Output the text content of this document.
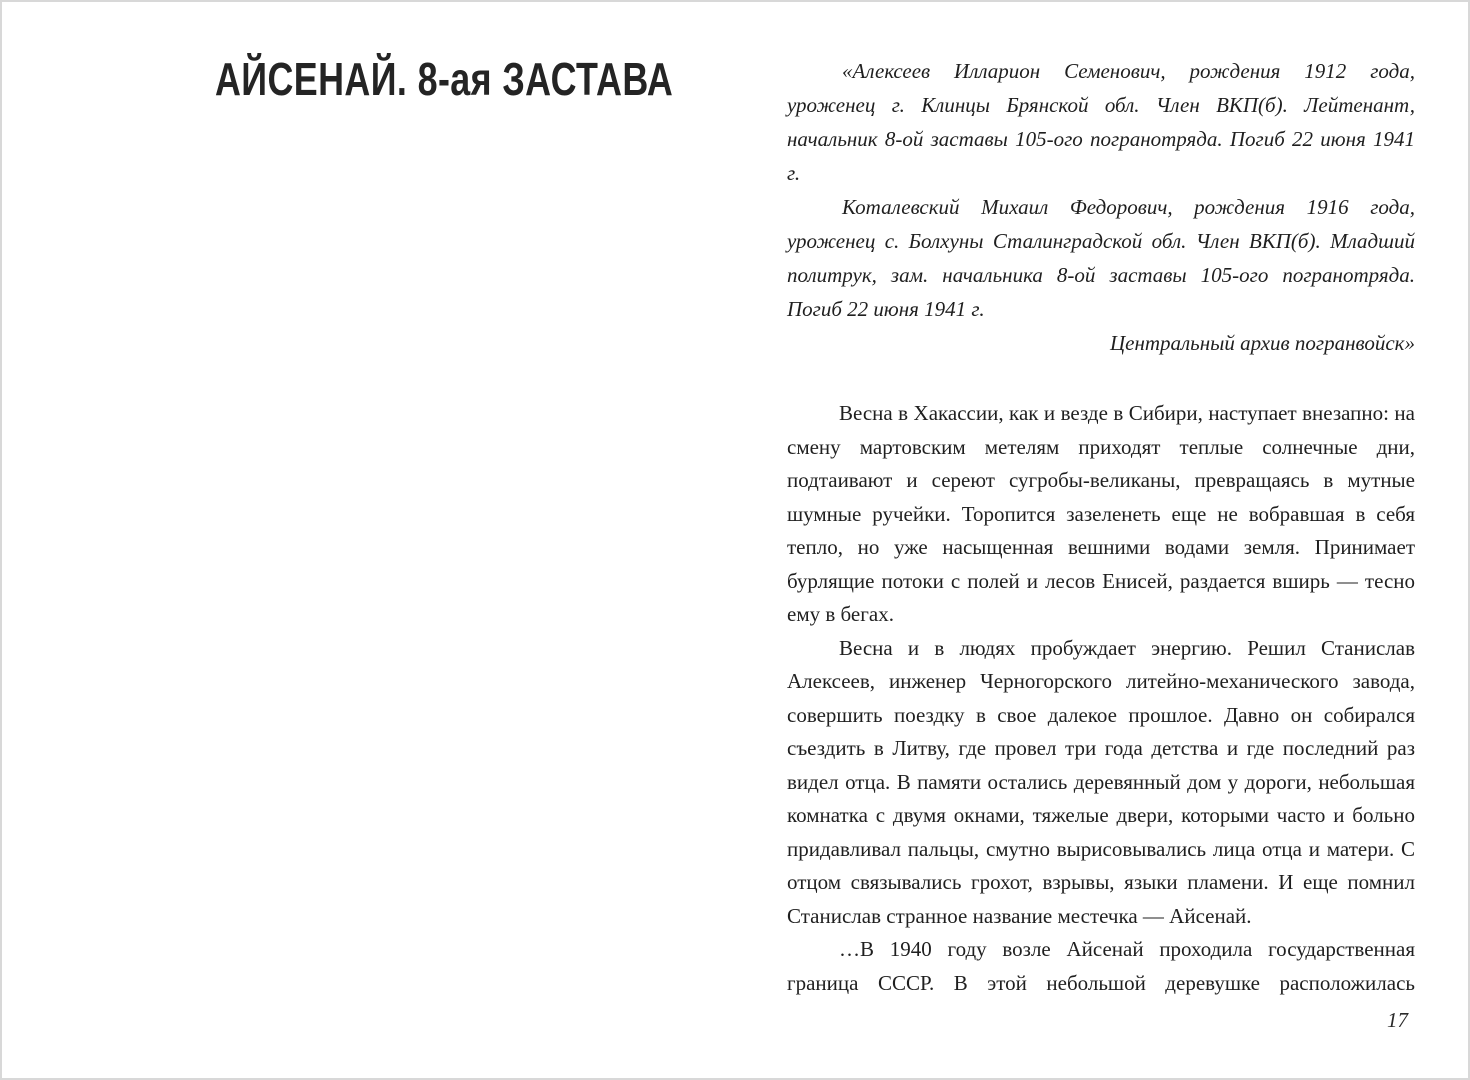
АЙСЕНАЙ. 8-ая ЗАСТАВА	«Алексеев Илларион Семенович, рождения 1912 года, уроженец г. Клинцы Брянской обл. Член ВКП(б). Лейтенант, начальник 8-ой заставы 105-ого погранотряда. Погиб 22 июня 1941 г.

Коталевский Михаил Федорович, рождения 1916 года, уроженец с. Болхуны Сталинградской обл. Член ВКП(б). Младший политрук, зам. начальника 8-ой заставы 105-ого погранотряда. Погиб 22 июня 1941 г.

Центральный архив погранвойск»

Весна в Хакассии, как и везде в Сибири, наступает внезапно: на смену мартовским метелям приходят теплые солнечные дни, подтаивают и сереют сугробы-великаны, превращаясь в мутные шумные ручейки. Торопится зазеленеть еще не вобравшая в себя тепло, но уже насыщенная вешними водами земля. Принимает бурлящие потоки с полей и лесов Енисей, раздается вширь — тесно ему в бегах.

Весна и в людях пробуждает энергию. Решил Станислав Алексеев, инженер Черногорского литейно-механического завода, совершить поездку в свое далекое прошлое. Давно он собирался съездить в Литву, где провел три года детства и где последний раз видел отца. В памяти остались деревянный дом у дороги, небольшая комнатка с двумя окнами, тяжелые двери, которыми часто и больно придавливал пальцы, смутно вырисовывались лица отца и матери. С отцом связывались грохот, взрывы, языки пламени. И еще помнил Станислав странное название местечка — Айсенай.

…В 1940 году возле Айсенай проходила государственная граница СССР. В этой небольшой деревушке расположилась

17
